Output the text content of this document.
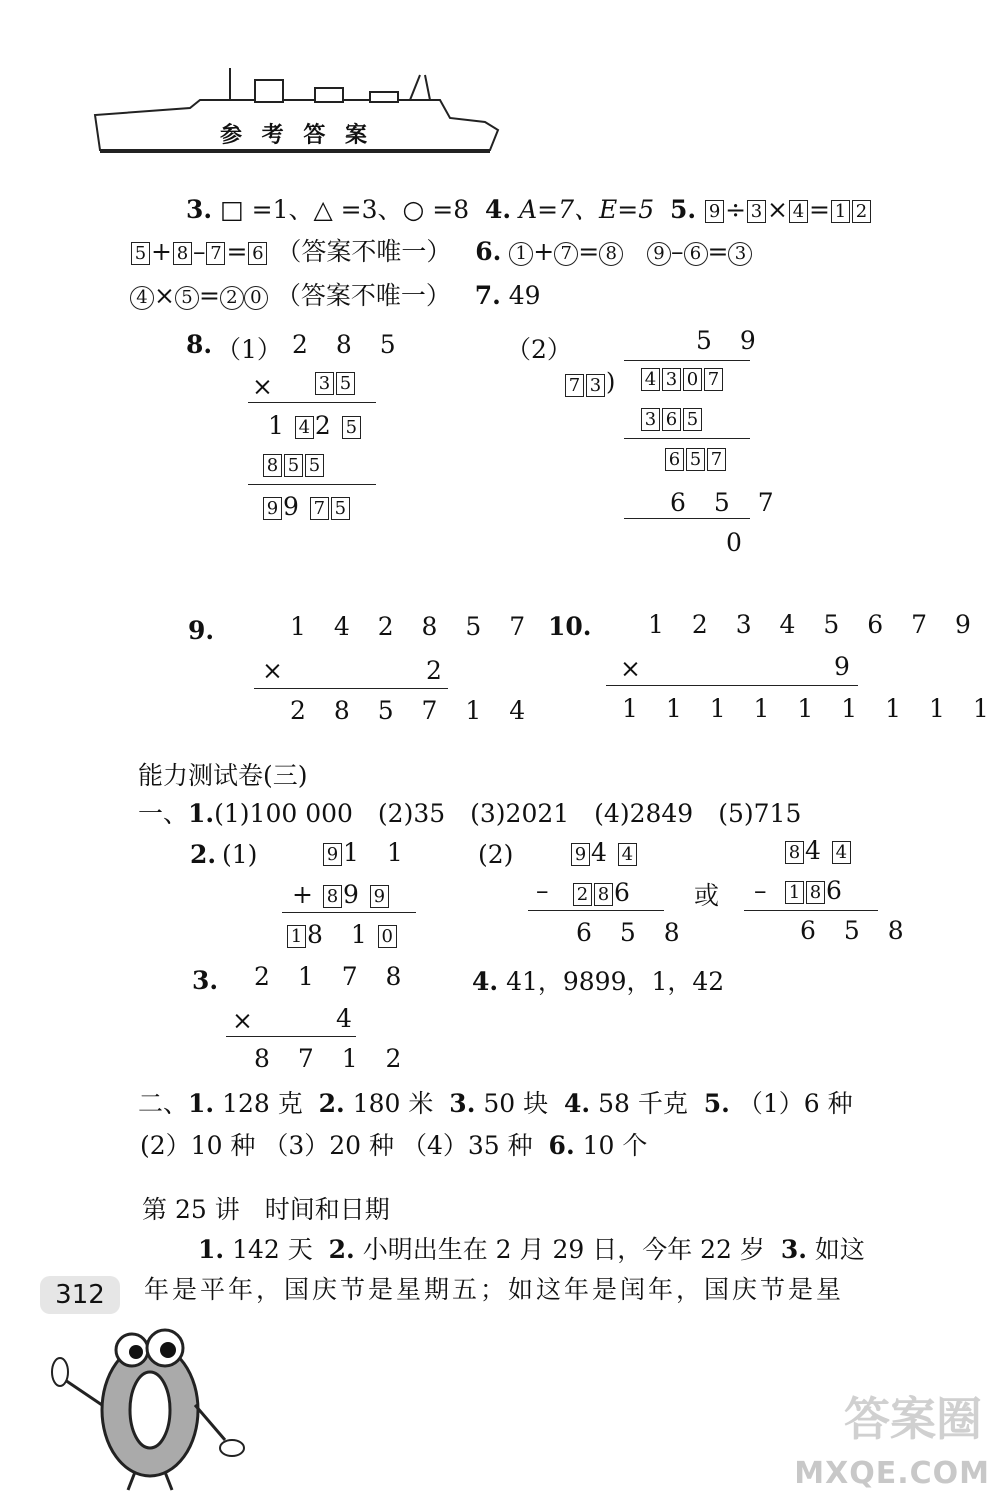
参 考 答 案
3. □ =1、△ =3、○ =8 4. A=7、E=5 5. 9 ÷ 3 × 4 = 1 2
5 + 8 – 7 = 6 （答案不唯一） 6. 1 + 7 = 8 9 – 6 = 3
4 × 5 = 2 0 （答案不唯一） 7. 49
8. （1） 2 8 5
×	3 5
1 4 2 5
8 5 5
9 9 7 5
（2）	5 9
7 3 ) 4 3 0 7
3 6 5
6 5 7
6 5 7
0
9.	1 4 2 8 5 7
×	2
2 8 5 7 1 4
10. 1 2 3 4 5 6 7 9
×	9
1 1 1 1 1 1 1 1 1
能力测试卷(三)
一、1.(1)100 000　(2)35　(3)2021　(4)2849　(5)715
2. (1)	9 1 1
+ 8 9 9
1 8 1 0
(2)	9 4 4
– 2 8 6
6 5 8
或
8 4 4
– 1 8 6
6 5 8
3. 2 1 7 8
×	4
8 7 1 2
4. 41，9899，1，42
二、1. 128 克 2. 180 米 3. 50 块 4. 58 千克 5. （1）6 种
(2）10 种 （3）20 种 （4）35 种 6. 10 个
第 25 讲　时间和日期
1. 142 天 2. 小明出生在 2 月 29 日，今年 22 岁 3. 如这
年是平年，国庆节是星期五；如这年是闰年，国庆节是星
312
答案圈
MXQE.COM
